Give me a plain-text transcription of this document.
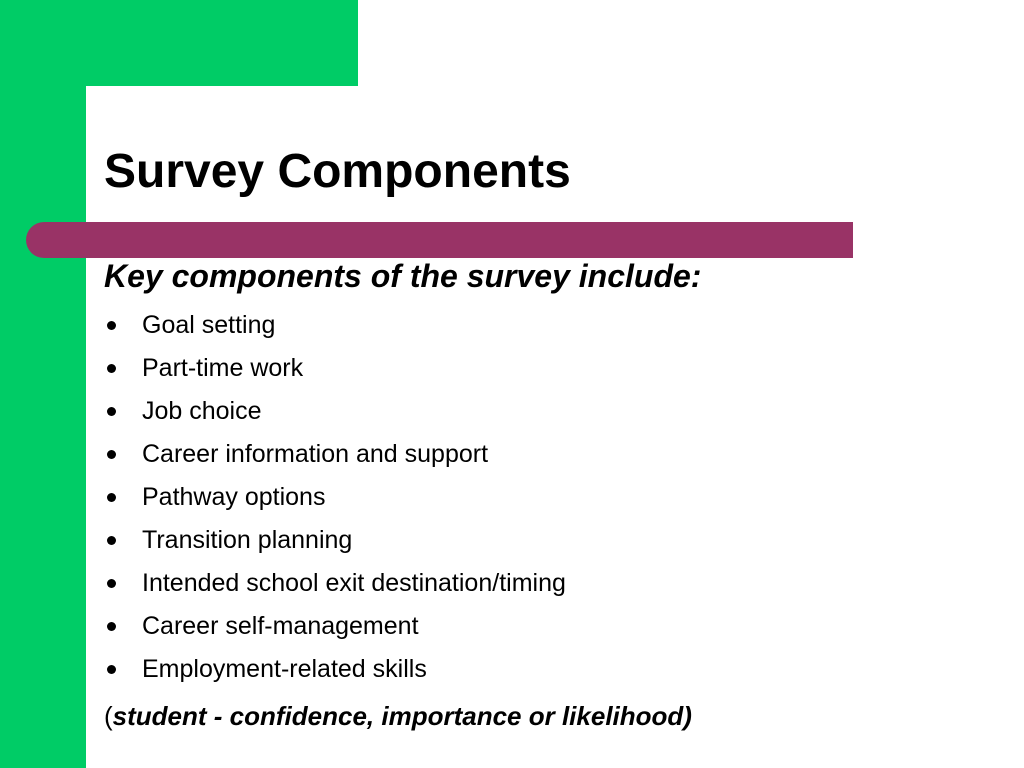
Survey Components
Key components of the survey include:
Goal setting
Part-time work
Job choice
Career information and support
Pathway options
Transition planning
Intended school exit destination/timing
Career self-management
Employment-related skills

(student - confidence, importance or likelihood)
